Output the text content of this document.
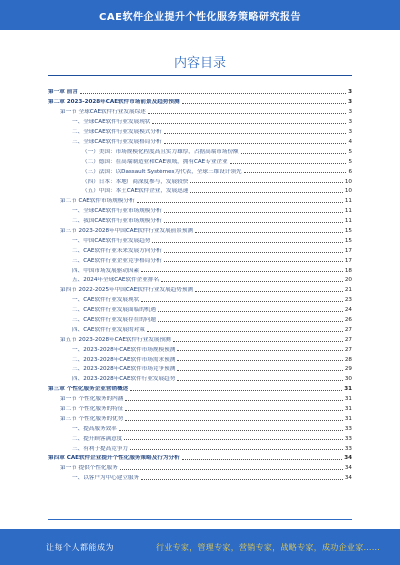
CAE软件企业提升个性化服务策略研究报告
内容目录
第一章 前言	3
第二章 2023-2028年CAE软件市场前景及趋势预测	3
第一节 全球CAE软件行业发展综述	3
一、全球CAE软件行业发展现状	3
二、全球CAE软件行业发展模式分析	3
三、全球CAE软件行业发展格局分析	4
（一）美国：市场规模化程度高且实力雄厚，占据高端市场份额	5
（二）德国：在高端制造业和CAE领域，拥有CAE专业企业	5
（三）法国：以Dassault Systèmes为代表，全球三维设计领先	6
（四）日本：本地厂商深度参与，发展较快	10
（五）中国：本土CAE软件企业，发展迅速	10
第二节 CAE软件市场规模分析	11
一、全球CAE软件行业市场规模分析	11
二、我国CAE软件行业市场规模分析	11
第三节 2023-2028年中国CAE软件行业发展前景预测	15
一、中国CAE软件行业发展趋势	15
二、CAE软件行业未来发展方向分析	17
三、CAE软件行业企业竞争格局分析	17
四、中国市场发展驱动因素	18
五、2024年全球CAE软件企业排名	20
第四节 2022-2025年中国CAE软件行业发展趋势预测	21
一、CAE软件行业发展现状	23
二、CAE软件行业发展面临的机遇	24
三、CAE软件行业发展存在的问题	26
四、CAE软件行业发展的对策	27
第五节 2023-2028年CAE软件行业发展预测	27
一、2023-2028年CAE软件市场规模预测	27
二、2023-2028年CAE软件市场需求预测	28
三、2023-2028年CAE软件市场竞争预测	29
四、2023-2028年CAE软件行业发展趋势	30
第三章 个性化服务企业营销概述	31
第一节 个性化服务的内涵	31
第二节 个性化服务的特征	31
第三节 个性化服务的优势	31
一、提高服务效率	33
二、提升顾客满意度	33
三、有利于提高竞争力	33
第四章 CAE软件企业提升个性化服务策略及行为分析	34
第一节 提供个性化服务	34
一、以客户为中心建立服务	34
让每个人都能成为	行业专家，管理专家，营销专家，战略专家，成功企业家……
